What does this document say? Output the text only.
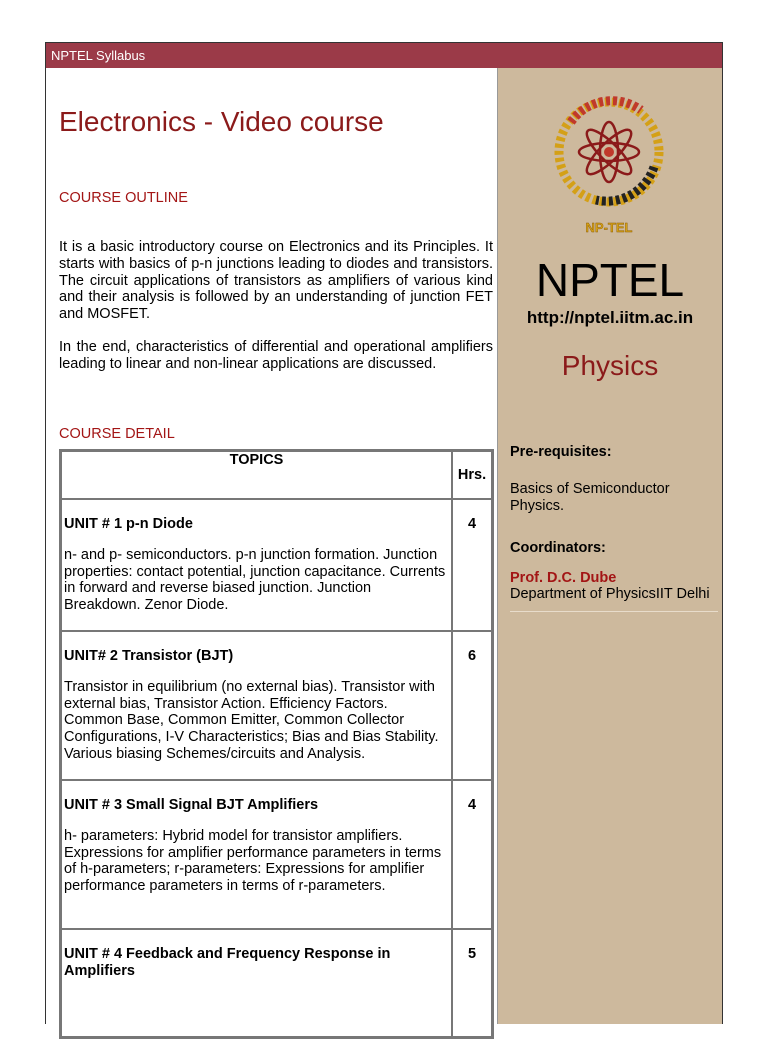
NPTEL Syllabus
Electronics - Video course
COURSE OUTLINE

It is a basic introductory course on Electronics and its Principles. It starts with basics of p-n junctions leading to diodes and transistors. The circuit applications of transistors as amplifiers of various kind and their analysis is followed by an understanding of junction FET and MOSFET.

In the end, characteristics of differential and operational amplifiers leading to linear and non-linear applications are discussed.

COURSE DETAIL
TOPICS	Hrs.

UNIT # 1 p-n Diode
n- and p- semiconductors. p-n junction formation. Junction properties: contact potential, junction capacitance. Currents in forward and reverse biased junction. Junction Breakdown. Zenor Diode.	4

UNIT# 2 Transistor (BJT)
Transistor in equilibrium (no external bias). Transistor with external bias, Transistor Action. Efficiency Factors. Common Base, Common Emitter, Common Collector Configurations, I-V Characteristics; Bias and Bias Stability. Various biasing Schemes/circuits and Analysis.	6

UNIT # 3 Small Signal BJT Amplifiers
h- parameters: Hybrid model for transistor amplifiers. Expressions for amplifier performance parameters in terms of h-parameters; r-parameters: Expressions for amplifier performance parameters in terms of r-parameters.	4

UNIT # 4 Feedback and Frequency Response in Amplifiers	5
NP-TEL
NPTEL
http://nptel.iitm.ac.in
Physics
Pre-requisites:
Basics of Semiconductor Physics.
Coordinators:
Prof. D.C. Dube
Department of PhysicsIIT Delhi
